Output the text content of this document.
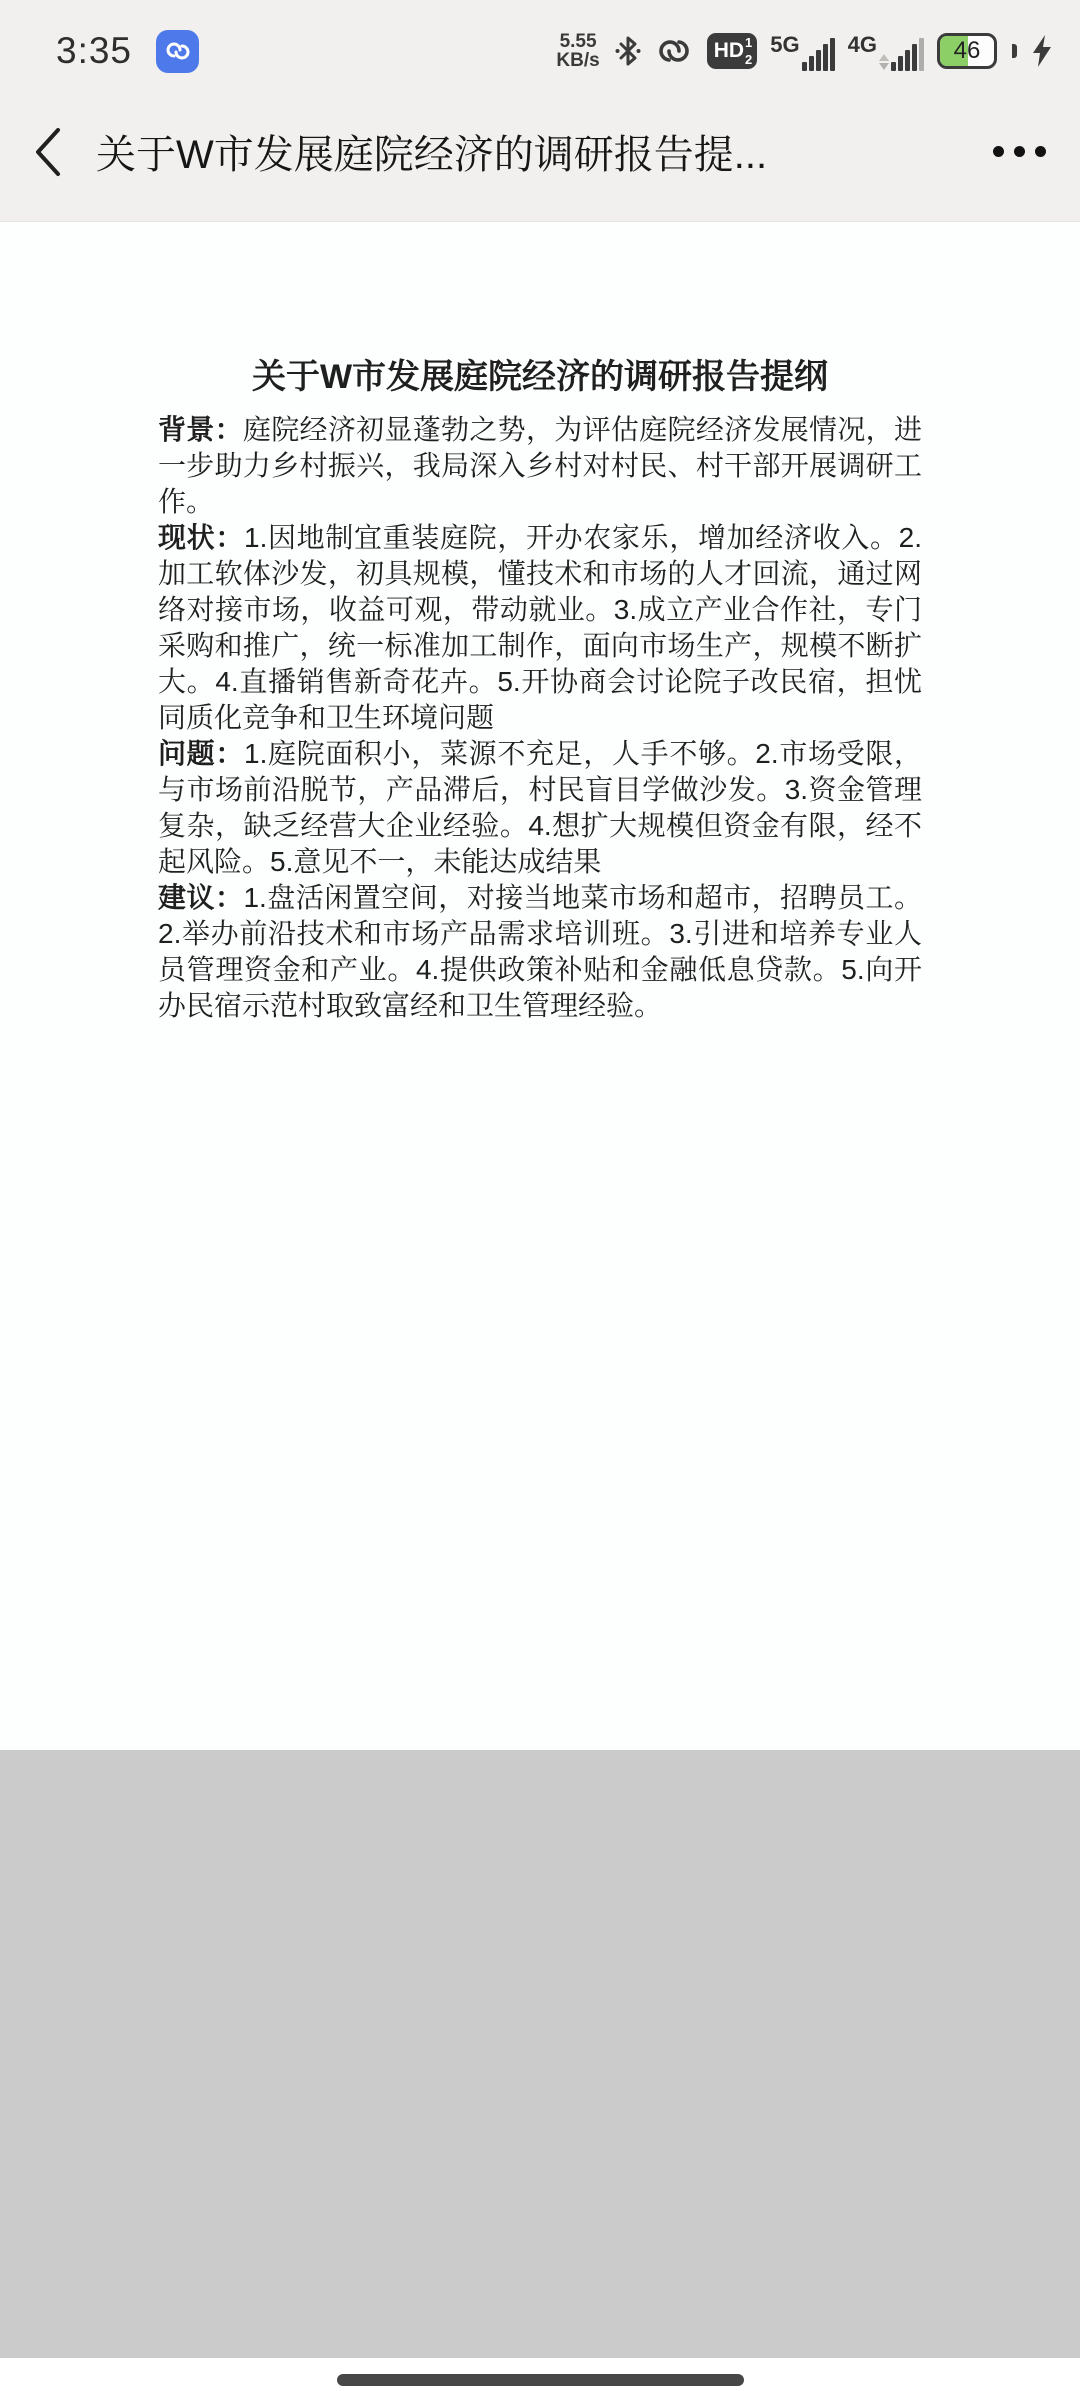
3:35	5.55
KB/s	HD 1
2
5G 4G	46
关于W市发展庭院经济的调研报告提...
关于W市发展庭院经济的调研报告提纲

背景：庭院经济初显蓬勃之势，为评估庭院经济发展情况，进一步助力乡村振兴，我局深入乡村对村民、村干部开展调研工作。

现状：1.因地制宜重装庭院，开办农家乐，增加经济收入。2.加工软体沙发，初具规模，懂技术和市场的人才回流，通过网络对接市场，收益可观，带动就业。3.成立产业合作社，专门采购和推广，统一标准加工制作，面向市场生产，规模不断扩大。4.直播销售新奇花卉。5.开协商会讨论院子改民宿，担忧同质化竞争和卫生环境问题

问题：1.庭院面积小，菜源不充足，人手不够。2.市场受限，与市场前沿脱节，产品滞后，村民盲目学做沙发。3.资金管理复杂，缺乏经营大企业经验。4.想扩大规模但资金有限，经不起风险。5.意见不一，未能达成结果

建议：1.盘活闲置空间，对接当地菜市场和超市，招聘员工。2.举办前沿技术和市场产品需求培训班。3.引进和培养专业人员管理资金和产业。4.提供政策补贴和金融低息贷款。5.向开办民宿示范村取致富经和卫生管理经验。
